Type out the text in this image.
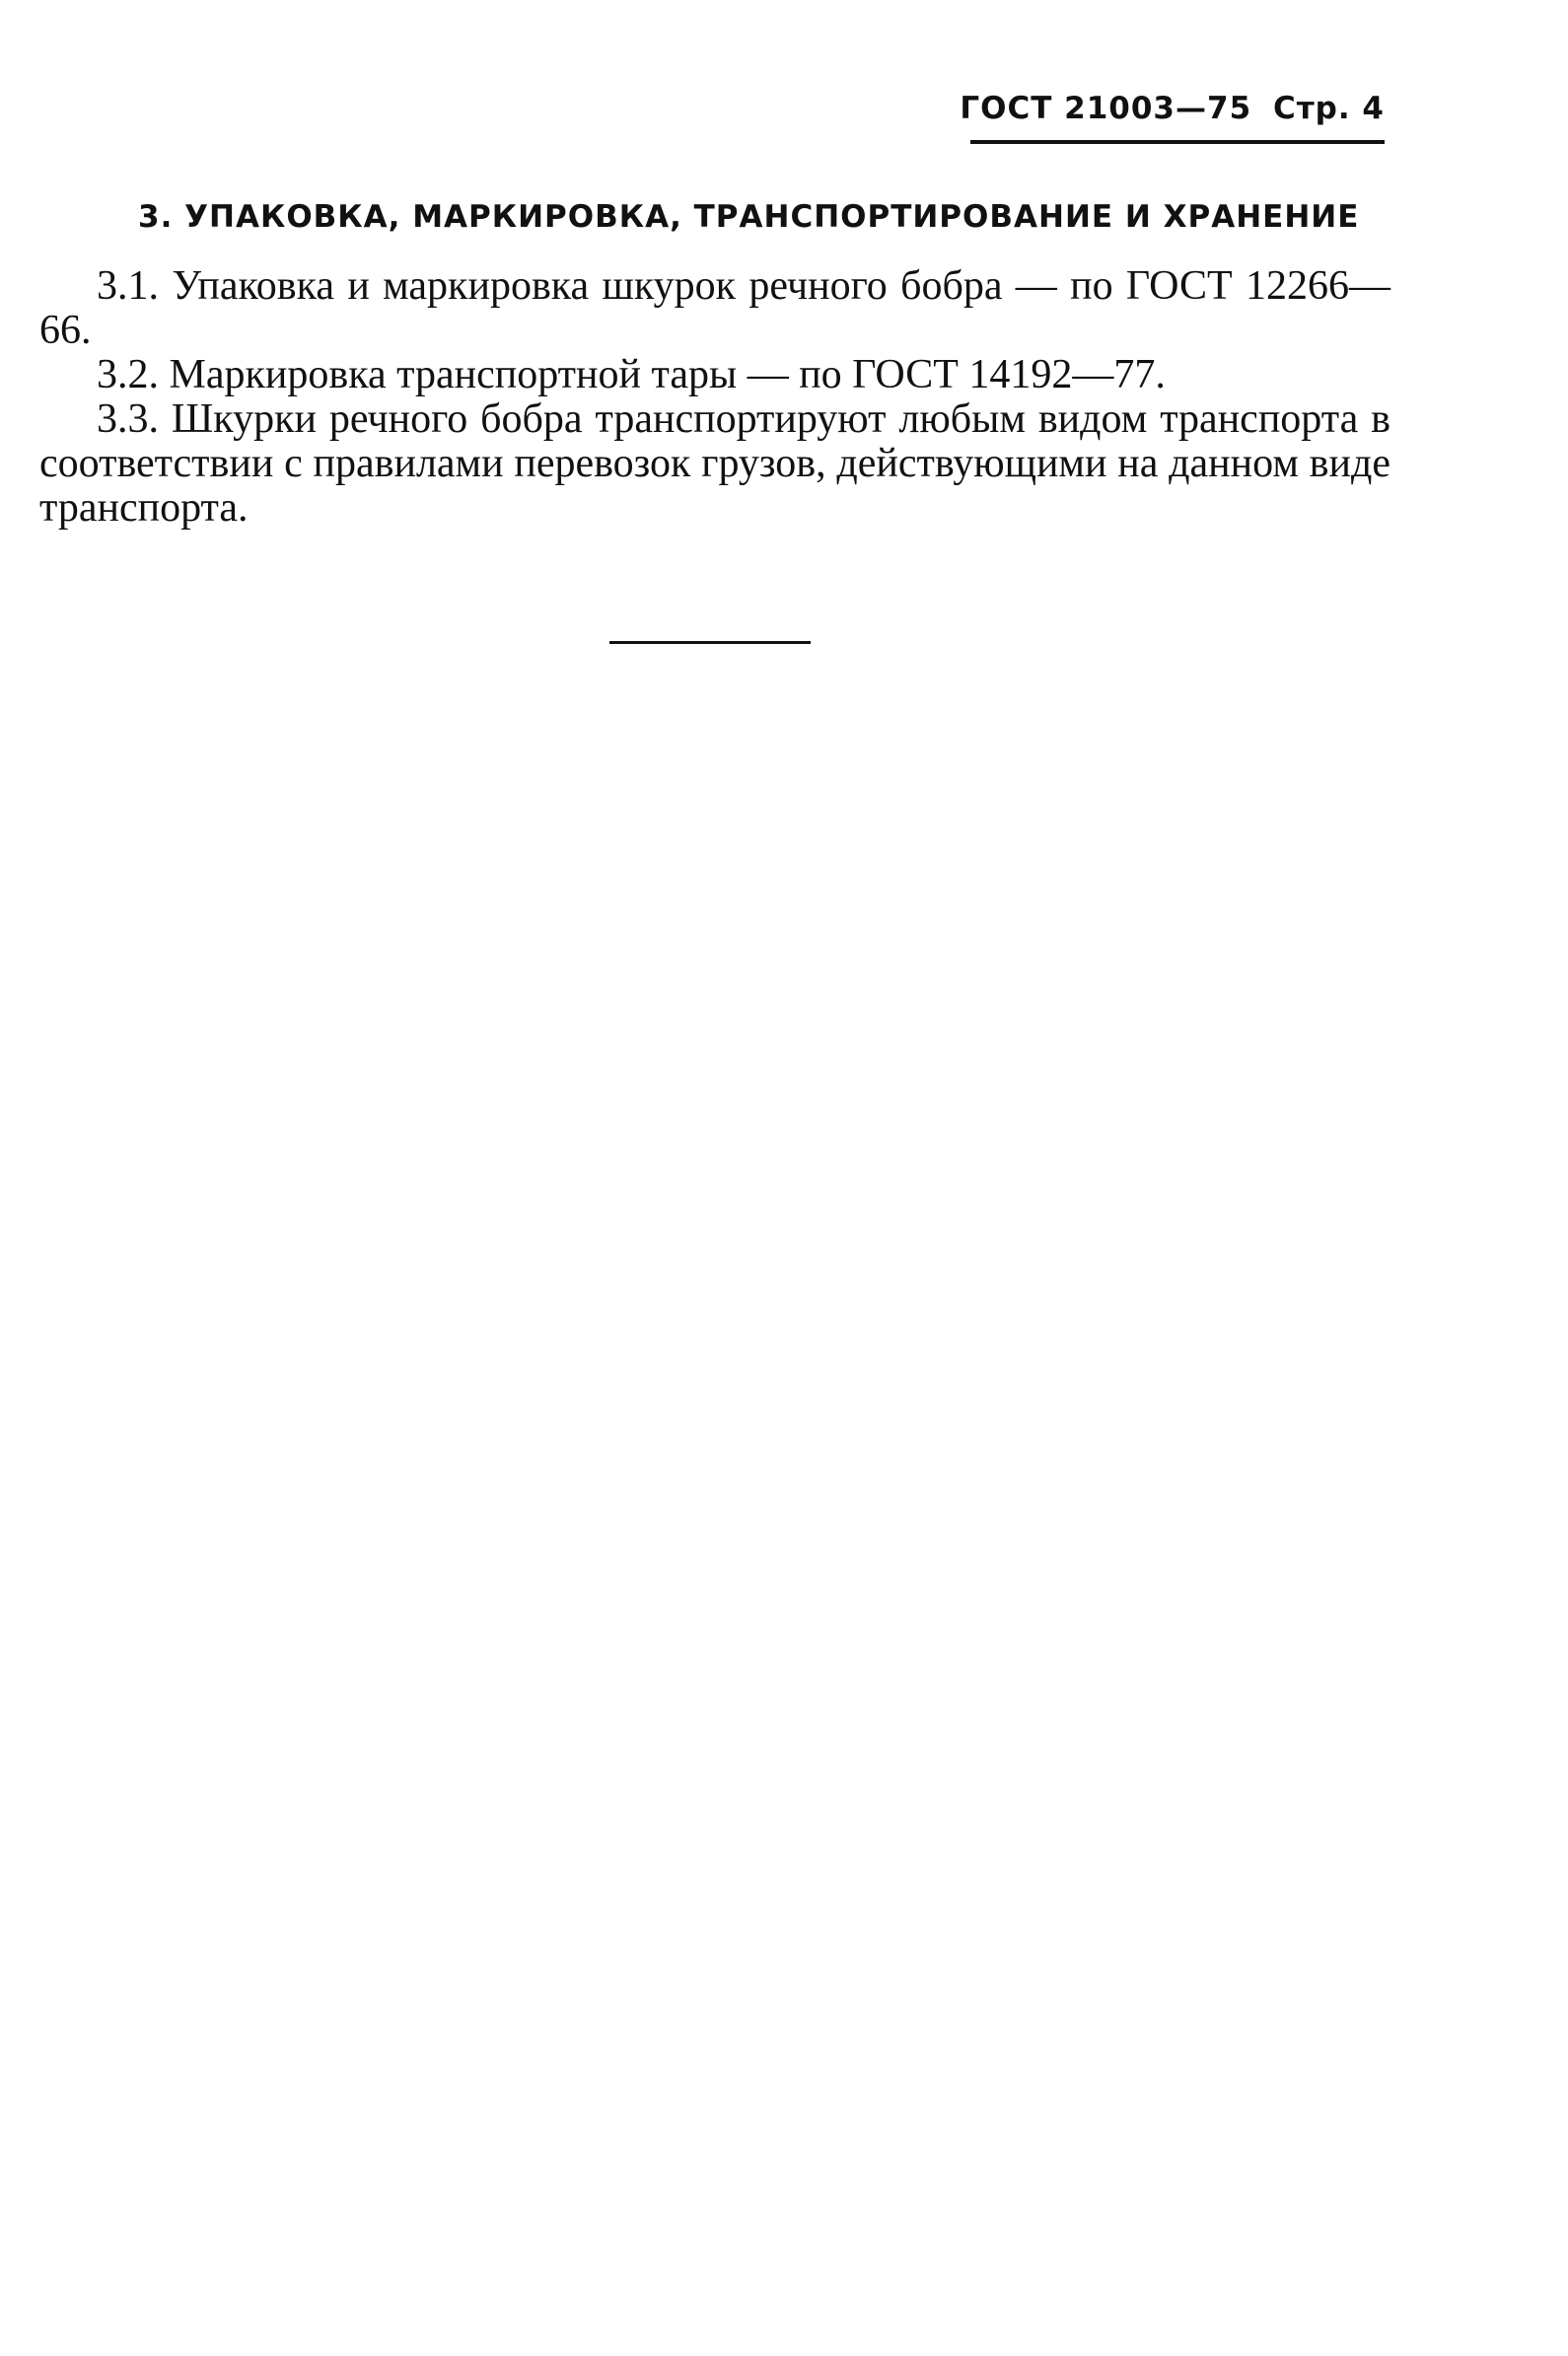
ГОСТ 21003—75 Стр. 4
3. УПАКОВКА, МАРКИРОВКА, ТРАНСПОРТИРОВАНИЕ И ХРАНЕНИЕ

3.1. Упаковка и маркировка шкурок речного бобра — по ГОСТ 12266—66.

3.2. Маркировка транспортной тары — по ГОСТ 14192—77.

3.3. Шкурки речного бобра транспортируют любым видом транспорта в соответствии с правилами перевозок грузов, действующими на данном виде транспорта.
